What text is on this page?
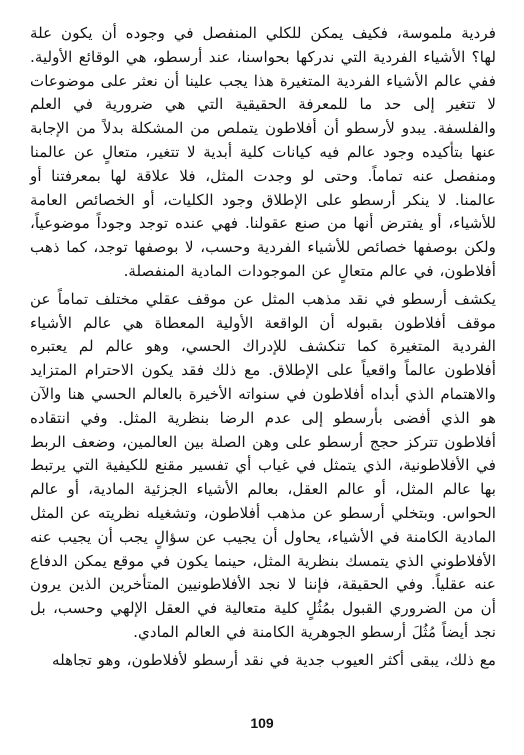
فردية ملموسة، فكيف يمكن للكلي المنفصل في وجوده أن يكون علة لها؟ الأشياء الفردية التي ندركها بحواسنا، عند أرسطو، هي الوقائع الأولية. ففي عالم الأشياء الفردية المتغيرة هذا يجب علينا أن نعثر على موضوعات لا تتغير إلى حد ما للمعرفة الحقيقية التي هي ضرورية في العلم والفلسفة. يبدو لأرسطو أن أفلاطون يتملص من المشكلة بدلاً من الإجابة عنها بتأكيده وجود عالم فيه كيانات كلية أبدية لا تتغير، متعالٍ عن عالمنا ومنفصل عنه تماماً. وحتى لو وجدت المثل، فلا علاقة لها بمعرفتنا أو عالمنا. لا ينكر أرسطو على الإطلاق وجود الكليات، أو الخصائص العامة للأشياء، أو يفترض أنها من صنع عقولنا. فهي عنده توجد وجوداً موضوعياً، ولكن بوصفها خصائص للأشياء الفردية وحسب، لا بوصفها توجد، كما ذهب أفلاطون، في عالم متعالٍ عن الموجودات المادية المنفصلة.

يكشف أرسطو في نقد مذهب المثل عن موقف عقلي مختلف تماماً عن موقف أفلاطون بقبوله أن الواقعة الأولية المعطاة هي عالم الأشياء الفردية المتغيرة كما تنكشف للإدراك الحسي، وهو عالم لم يعتبره أفلاطون عالماً واقعياً على الإطلاق. مع ذلك فقد يكون الاحترام المتزايد والاهتمام الذي أبداه أفلاطون في سنواته الأخيرة بالعالم الحسي هنا والآن هو الذي أفضى بأرسطو إلى عدم الرضا بنظرية المثل. وفي انتقاده أفلاطون تتركز حجج أرسطو على وهن الصلة بين العالمين، وضعف الربط في الأفلاطونية، الذي يتمثل في غياب أي تفسير مقنع للكيفية التي يرتبط بها عالم المثل، أو عالم العقل، بعالم الأشياء الجزئية المادية، أو عالم الحواس. وبتخلي أرسطو عن مذهب أفلاطون، وتشغيله نظريته عن المثل المادية الكامنة في الأشياء، يحاول أن يجيب عن سؤالٍ يجب أن يجيب عنه الأفلاطوني الذي يتمسك بنظرية المثل، حينما يكون في موقع يمكن الدفاع عنه عقلياً. وفي الحقيقة، فإننا لا نجد الأفلاطونيين المتأخرين الذين يرون أن من الضروري القبول بمُثُلٍ كلية متعالية في العقل الإلهي وحسب، بل نجد أيضاً مُثُلَ أرسطو الجوهرية الكامنة في العالم المادي.

مع ذلك، يبقى أكثر العيوب جدية في نقد أرسطو لأفلاطون، وهو تجاهله

109
